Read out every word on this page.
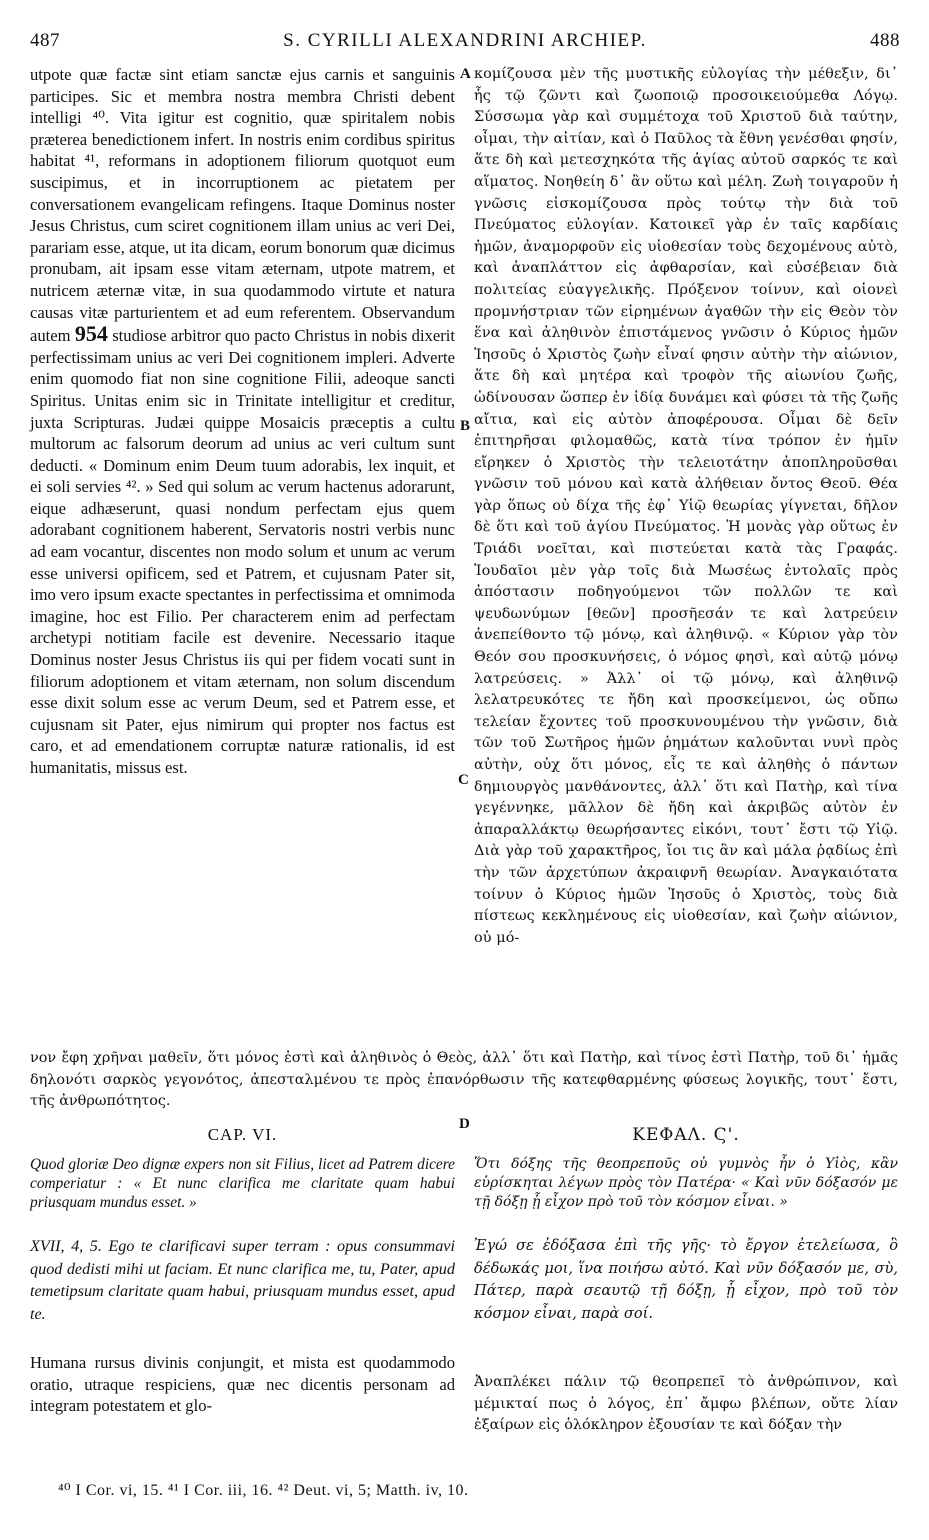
487	S. CYRILLI ALEXANDRINI ARCHIEP.	488

utpote quæ factæ sint etiam sanctæ ejus carnis et sanguinis participes. Sic et membra nostra membra Christi debent intelligi ⁴⁰. Vita igitur est cognitio, quæ spiritalem nobis præterea benedictionem infert. In nostris enim cordibus spiritus habitat ⁴¹, reformans in adoptionem filiorum quotquot eum suscipimus, et in incorruptionem ac pietatem per conversationem evangelicam refingens. Itaque Dominus noster Jesus Christus, cum sciret cognitionem illam unius ac veri Dei, parariam esse, atque, ut ita dicam, eorum bonorum quæ dicimus pronubam, ait ipsam esse vitam æternam, utpote matrem, et nutricem æternæ vitæ, in sua quodammodo virtute et natura causas vitæ parturientem et ad eum referentem. Observandum autem 954 studiose arbitror quo pacto Christus in nobis dixerit perfectissimam unius ac veri Dei cognitionem impleri. Adverte enim quomodo fiat non sine cognitione Filii, adeoque sancti Spiritus. Unitas enim sic in Trinitate intelligitur et creditur, juxta Scripturas. Judæi quippe Mosaicis præceptis a cultu multorum ac falsorum deorum ad unius ac veri cultum sunt deducti. « Dominum enim Deum tuum adorabis, lex inquit, et ei soli servies ⁴². » Sed qui solum ac verum hactenus adorarunt, eique adhæserunt, quasi nondum perfectam ejus quem adorabant cognitionem haberent, Servatoris nostri verbis nunc ad eam vocantur, discentes non modo solum et unum ac verum esse universi opificem, sed et Patrem, et cujusnam Pater sit, imo vero ipsum exacte spectantes in perfectissima et omnimoda imagine, hoc est Filio. Per characterem enim ad perfectam archetypi notitiam facile est devenire. Necessario itaque Dominus noster Jesus Christus iis qui per fidem vocati sunt in filiorum adoptionem et vitam æternam, non solum discendum esse dixit solum esse ac verum Deum, sed et Patrem esse, et cujusnam sit Pater, ejus nimirum qui propter nos factus est caro, et ad emendationem corruptæ naturæ rationalis, id est humanitatis, missus est.

A
B
C
D

κομίζουσα μὲν τῆς μυστικῆς εὐλογίας τὴν μέθεξιν, δι᾽ ἧς τῷ ζῶντι καὶ ζωοποιῷ προσοικειούμεθα Λόγῳ. Σύσσωμα γὰρ καὶ συμμέτοχα τοῦ Χριστοῦ διὰ ταύτην, οἶμαι, τὴν αἰτίαν, καὶ ὁ Παῦλος τὰ ἔθνη γενέσθαι φησίν, ἅτε δὴ καὶ μετεσχηκότα τῆς ἁγίας αὐτοῦ σαρκός τε καὶ αἵματος. Νοηθείη δ᾽ ἂν οὕτω καὶ μέλη. Ζωὴ τοιγαροῦν ἡ γνῶσις εἰσκομίζουσα πρὸς τούτῳ τὴν διὰ τοῦ Πνεύματος εὐλογίαν. Κατοικεῖ γὰρ ἐν ταῖς καρδίαις ἡμῶν, ἀναμορφοῦν εἰς υἱοθεσίαν τοὺς δεχομένους αὐτὸ, καὶ ἀναπλάττον εἰς ἀφθαρσίαν, καὶ εὐσέβειαν διὰ πολιτείας εὐαγγελικῆς. Πρόξενον τοίνυν, καὶ οἱονεὶ προμνήστριαν τῶν εἰρημένων ἀγαθῶν τὴν εἰς Θεὸν τὸν ἕνα καὶ ἀληθινὸν ἐπιστάμενος γνῶσιν ὁ Κύριος ἡμῶν Ἰησοῦς ὁ Χριστὸς ζωὴν εἶναί φησιν αὐτὴν τὴν αἰώνιον, ἅτε δὴ καὶ μητέρα καὶ τροφὸν τῆς αἰωνίου ζωῆς, ὠδίνουσαν ὥσπερ ἐν ἰδίᾳ δυνάμει καὶ φύσει τὰ τῆς ζωῆς αἴτια, καὶ εἰς αὐτὸν ἀποφέρουσα. Οἶμαι δὲ δεῖν ἐπιτηρῆσαι φιλομαθῶς, κατὰ τίνα τρόπον ἐν ἡμῖν εἴρηκεν ὁ Χριστὸς τὴν τελειοτάτην ἀποπληροῦσθαι γνῶσιν τοῦ μόνου καὶ κατὰ ἀλήθειαν ὄντος Θεοῦ. Θέα γὰρ ὅπως οὐ δίχα τῆς ἐφ᾽ Υἱῷ θεωρίας γίγνεται, δῆλον δὲ ὅτι καὶ τοῦ ἁγίου Πνεύματος. Ἡ μονὰς γὰρ οὕτως ἐν Τριάδι νοεῖται, καὶ πιστεύεται κατὰ τὰς Γραφάς. Ἰουδαῖοι μὲν γὰρ τοῖς διὰ Μωσέως ἐντολαῖς πρὸς ἀπόστασιν ποδηγούμενοι τῶν πολλῶν τε καὶ ψευδωνύμων [θεῶν] προσῆεσάν τε καὶ λατρεύειν ἀνεπείθοντο τῷ μόνῳ, καὶ ἀληθινῷ. « Κύριον γὰρ τὸν Θεόν σου προσκυνήσεις, ὁ νόμος φησὶ, καὶ αὐτῷ μόνῳ λατρεύσεις. » Ἀλλ᾽ οἱ τῷ μόνῳ, καὶ ἀληθινῷ λελατρευκότες τε ἤδη καὶ προσκείμενοι, ὡς οὔπω τελείαν ἔχοντες τοῦ προσκυνουμένου τὴν γνῶσιν, διὰ τῶν τοῦ Σωτῆρος ἡμῶν ῥημάτων καλοῦνται νυνὶ πρὸς αὐτὴν, οὐχ ὅτι μόνος, εἷς τε καὶ ἀληθὴς ὁ πάντων δημιουργὸς μανθάνοντες, ἀλλ᾽ ὅτι καὶ Πατὴρ, καὶ τίνα γεγέννηκε, μᾶλλον δὲ ἤδη καὶ ἀκριβῶς αὐτὸν ἐν ἀπαραλλάκτῳ θεωρήσαντες εἰκόνι, τουτ᾽ ἔστι τῷ Υἱῷ. Διὰ γὰρ τοῦ χαρακτῆρος, ἴοι τις ἂν καὶ μάλα ῥᾳδίως ἐπὶ τὴν τῶν ἀρχετύπων ἀκραιφνῆ θεωρίαν. Ἀναγκαιότατα τοίνυν ὁ Κύριος ἡμῶν Ἰησοῦς ὁ Χριστὸς, τοὺς διὰ πίστεως κεκλημένους εἰς υἱοθεσίαν, καὶ ζωὴν αἰώνιον, οὐ μό-

νον ἔφη χρῆναι μαθεῖν, ὅτι μόνος ἐστὶ καὶ ἀληθινὸς ὁ Θεὸς, ἀλλ᾽ ὅτι καὶ Πατὴρ, καὶ τίνος ἐστὶ Πατὴρ, τοῦ δι᾽ ἡμᾶς δηλονότι σαρκὸς γεγονότος, ἀπεσταλμένου τε πρὸς ἐπανόρθωσιν τῆς κατεφθαρμένης φύσεως λογικῆς, τουτ᾽ ἔστι, τῆς ἀνθρωπότητος.
CAP. VI.	ΚΕΦΑΛ. Ϛ'.
Quod gloriæ Deo dignæ expers non sit Filius, licet ad Patrem dicere comperiatur : « Et nunc clarifica me claritate quam habui priusquam mundus esset. »
Ὅτι δόξης τῆς θεοπρεποῦς οὐ γυμνὸς ἦν ὁ Υἱὸς, κἂν εὑρίσκηται λέγων πρὸς τὸν Πατέρα· « Καὶ νῦν δόξασόν με τῇ δόξῃ ᾗ εἶχον πρὸ τοῦ τὸν κόσμον εἶναι. »
XVII, 4, 5. Ego te clarificavi super terram : opus consummavi quod dedisti mihi ut faciam. Et nunc clarifica me, tu, Pater, apud temetipsum claritate quam habui, priusquam mundus esset, apud te.
Ἐγώ σε ἐδόξασα ἐπὶ τῆς γῆς· τὸ ἔργον ἐτελείωσα, ὃ δέδωκάς μοι, ἵνα ποιήσω αὐτό. Καὶ νῦν δόξασόν με, σὺ, Πάτερ, παρὰ σεαυτῷ τῇ δόξῃ, ᾗ εἶχον, πρὸ τοῦ τὸν κόσμον εἶναι, παρὰ σοί.
Humana rursus divinis conjungit, et mista est quodammodo oratio, utraque respiciens, quæ nec dicentis personam ad integram potestatem et glo-
Ἀναπλέκει πάλιν τῷ θεοπρεπεῖ τὸ ἀνθρώπινον, καὶ μέμικταί πως ὁ λόγος, ἐπ᾽ ἄμφω βλέπων, οὔτε λίαν ἐξαίρων εἰς ὁλόκληρον ἐξουσίαν τε καὶ δόξαν τὴν
⁴⁰ I Cor. vi, 15. ⁴¹ I Cor. iii, 16. ⁴² Deut. vi, 5; Matth. iv, 10.
